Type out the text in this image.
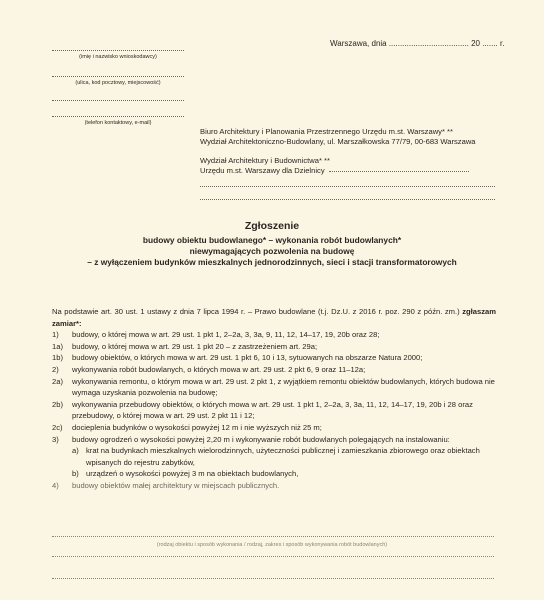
Warszawa, dnia .................................... 20 ....... r.
(imię i nazwisko wnioskodawcy)
(ulica, kod pocztowy, miejscowość)
(telefon kontaktowy, e-mail)
Biuro Architektury i Planowania Przestrzennego Urzędu m.st. Warszawy* **
Wydział Architektoniczno-Budowlany, ul. Marszałkowska 77/79, 00-683 Warszawa
Wydział Architektury i Budownictwa* **
Urzędu m.st. Warszawy dla Dzielnicy
Zgłoszenie
budowy obiektu budowlanego* – wykonania robót budowlanych*
niewymagających pozwolenia na budowę
– z wyłączeniem budynków mieszkalnych jednorodzinnych, sieci i stacji transformatorowych
Na podstawie art. 30 ust. 1 ustawy z dnia 7 lipca 1994 r. – Prawo budowlane (t.j. Dz.U. z 2016 r. poz. 290 z późn. zm.) zgłaszam zamiar*:
1) budowy, o której mowa w art. 29 ust. 1 pkt 1, 2–2a, 3, 3a, 9, 11, 12, 14–17, 19, 20b oraz 28;
1a) budowy, o której mowa w art. 29 ust. 1 pkt 20 – z zastrzeżeniem art. 29a;
1b) budowy obiektów, o których mowa w art. 29 ust. 1 pkt 6, 10 i 13, sytuowanych na obszarze Natura 2000;
2) wykonywania robót budowlanych, o których mowa w art. 29 ust. 2 pkt 6, 9 oraz 11–12a;
2a) wykonywania remontu, o którym mowa w art. 29 ust. 2 pkt 1, z wyjątkiem remontu obiektów budowlanych, których budowa nie wymaga uzyskania pozwolenia na budowę;
2b) wykonywania przebudowy obiektów, o których mowa w art. 29 ust. 1 pkt 1, 2–2a, 3, 3a, 11, 12, 14–17, 19, 20b i 28 oraz przebudowy, o której mowa w art. 29 ust. 2 pkt 11 i 12;
2c) docieplenia budynków o wysokości powyżej 12 m i nie wyższych niż 25 m;
3) budowy ogrodzeń o wysokości powyżej 2,20 m i wykonywanie robót budowlanych polegających na instalowaniu:
a) krat na budynkach mieszkalnych wielorodzinnych, użyteczności publicznej i zamieszkania zbiorowego oraz obiektach wpisanych do rejestru zabytków,
b) urządzeń o wysokości powyżej 3 m na obiektach budowlanych,
4) budowy obiektów małej architektury w miejscach publicznych.
(rodzaj obiektu i sposób wykonania / rodzaj, zakres i sposób wykonywania robót budowlanych)
